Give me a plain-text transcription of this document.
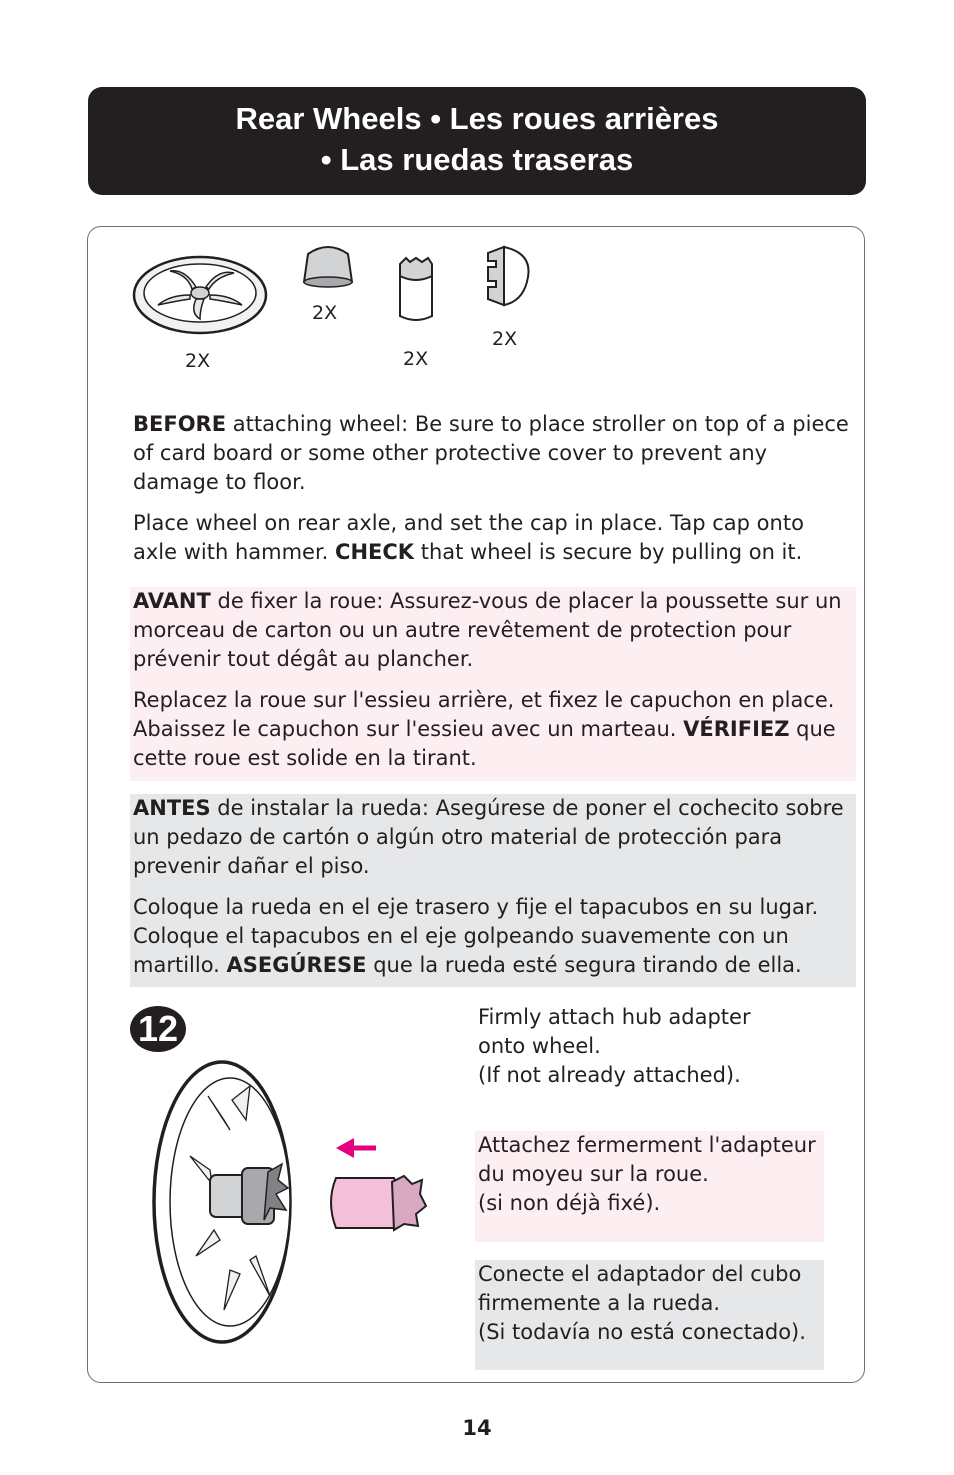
Rear Wheels • Les roues arrières
• Las ruedas traseras
2X
2X
2X
2X

BEFORE attaching wheel: Be sure to place stroller on top of a piece of card board or some other protective cover to prevent any damage to floor.

Place wheel on rear axle, and set the cap in place. Tap cap onto axle with hammer. CHECK that wheel is secure by pulling on it.

AVANT de fixer la roue: Assurez-vous de placer la poussette sur un morceau de carton ou un autre revêtement de protection pour prévenir tout dégât au plancher.

Replacez la roue sur l'essieu arrière, et fixez le capuchon en place. Abaissez le capuchon sur l'essieu avec un marteau. VÉRIFIEZ que cette roue est solide en la tirant.

ANTES de instalar la rueda: Asegúrese de poner el cochecito sobre un pedazo de cartón o algún otro material de protección para prevenir dañar el piso.

Coloque la rueda en el eje trasero y fije el tapacubos en su lugar. Coloque el tapacubos en el eje golpeando suavemente con un martillo. ASEGÚRESE que la rueda esté segura tirando de ella.

12	Firmly attach hub adapter
onto wheel.
(If not already attached).
Attachez fermerment l'adapteur
du moyeu sur la roue.
(si non déjà fixé).
Conecte el adaptador del cubo
firmemente a la rueda.
(Si todavía no está conectado).
14
